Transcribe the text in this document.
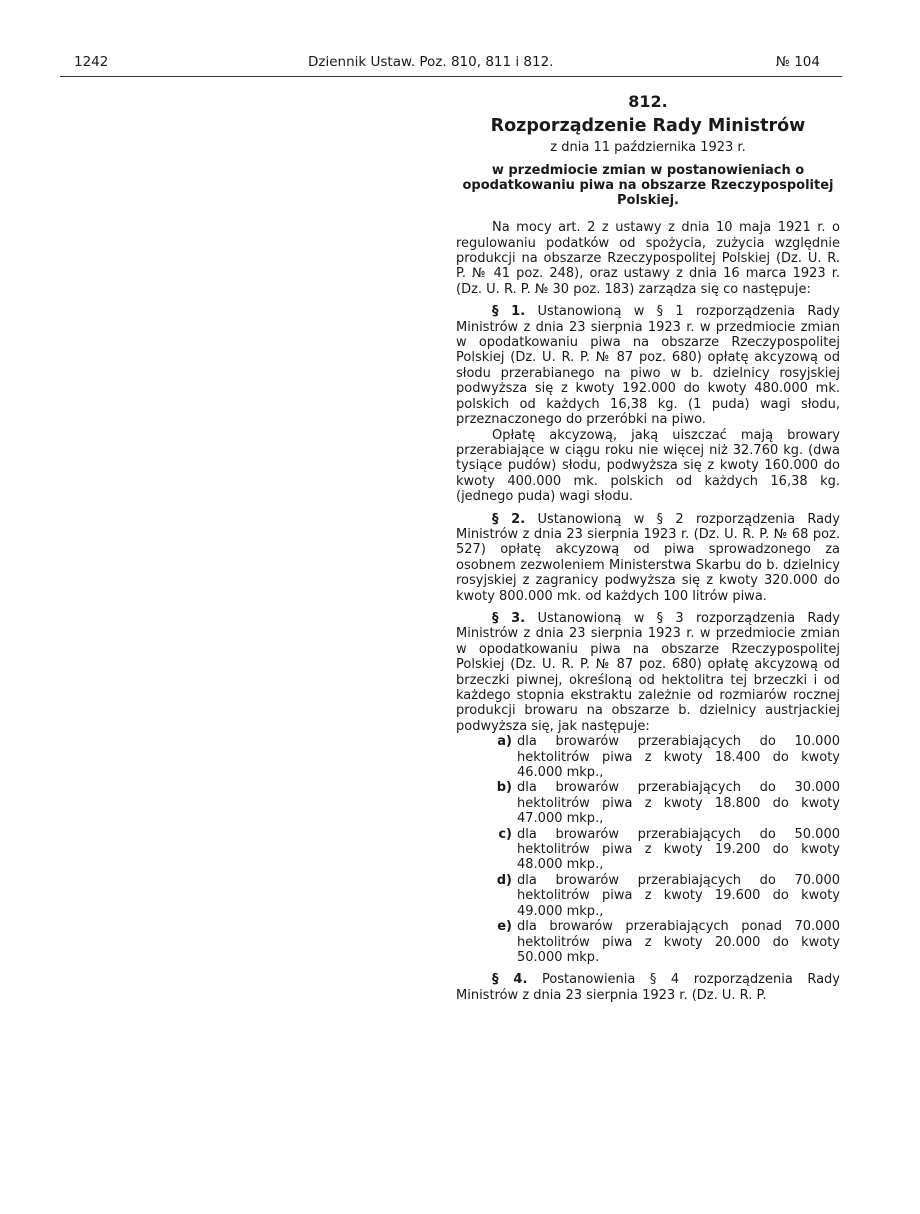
1242	Dziennik Ustaw. Poz. 810, 811 i 812.	№ 104
812.
Rozporządzenie Rady Ministrów
z dnia 11 października 1923 r.
w przedmiocie zmian w postanowieniach o opodatkowaniu piwa na obszarze Rzeczypospolitej Polskiej.

Na mocy art. 2 z ustawy z dnia 10 maja 1921 r. o regulowaniu podatków od spożycia, zużycia względnie produkcji na obszarze Rzeczypospolitej Polskiej (Dz. U. R. P. № 41 poz. 248), oraz ustawy z dnia 16 marca 1923 r. (Dz. U. R. P. № 30 poz. 183) zarządza się co następuje:

§ 1. Ustanowioną w § 1 rozporządzenia Rady Ministrów z dnia 23 sierpnia 1923 r. w przedmiocie zmian w opodatkowaniu piwa na obszarze Rzeczypospolitej Polskiej (Dz. U. R. P. № 87 poz. 680) opłatę akcyzową od słodu przerabianego na piwo w b. dzielnicy rosyjskiej podwyższa się z kwoty 192.000 do kwoty 480.000 mk. polskich od każdych 16,38 kg. (1 puda) wagi słodu, przeznaczonego do przeróbki na piwo.

Opłatę akcyzową, jaką uiszczać mają browary przerabiające w ciągu roku nie więcej niż 32.760 kg. (dwa tysiące pudów) słodu, podwyższa się z kwoty 160.000 do kwoty 400.000 mk. polskich od każdych 16,38 kg. (jednego puda) wagi słodu.

§ 2. Ustanowioną w § 2 rozporządzenia Rady Ministrów z dnia 23 sierpnia 1923 r. (Dz. U. R. P. № 68 poz. 527) opłatę akcyzową od piwa sprowadzonego za osobnem zezwoleniem Ministerstwa Skarbu do b. dzielnicy rosyjskiej z zagranicy podwyższa się z kwoty 320.000 do kwoty 800.000 mk. od każdych 100 litrów piwa.

§ 3. Ustanowioną w § 3 rozporządzenia Rady Ministrów z dnia 23 sierpnia 1923 r. w przedmiocie zmian w opodatkowaniu piwa na obszarze Rzeczypospolitej Polskiej (Dz. U. R. P. № 87 poz. 680) opłatę akcyzową od brzeczki piwnej, określoną od hektolitra tej brzeczki i od każdego stopnia ekstraktu zależnie od rozmiarów rocznej produkcji browaru na obszarze b. dzielnicy austrjackiej podwyższa się, jak następuje:

a) dla browarów przerabiających do 10.000 hektolitrów piwa z kwoty 18.400 do kwoty 46.000 mkp.,
b) dla browarów przerabiających do 30.000 hektolitrów piwa z kwoty 18.800 do kwoty 47.000 mkp.,
c) dla browarów przerabiających do 50.000 hektolitrów piwa z kwoty 19.200 do kwoty 48.000 mkp.,
d) dla browarów przerabiających do 70.000 hektolitrów piwa z kwoty 19.600 do kwoty 49.000 mkp.,
e) dla browarów przerabiających ponad 70.000 hektolitrów piwa z kwoty 20.000 do kwoty 50.000 mkp.

§ 4. Postanowienia § 4 rozporządzenia Rady Ministrów z dnia 23 sierpnia 1923 r. (Dz. U. R. P.
